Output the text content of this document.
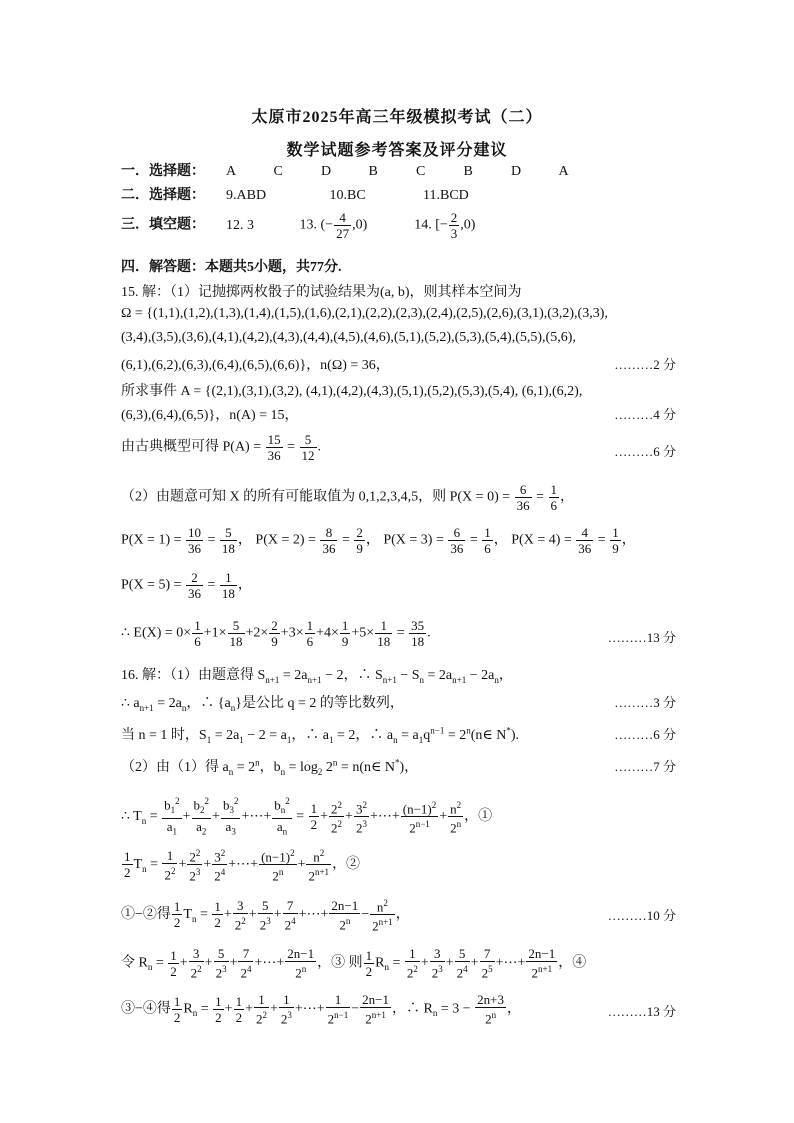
太原市2025年高三年级模拟考试（二）
数学试题参考答案及评分建议
一．选择题： A	C	D	B	C	B	D	A
二．选择题： 9.ABD	10.BC	11.BCD
三．填空题： 12. 3	13. (− $\frac{4}{27} ,0$)	14. [− $\frac{2}{3} ,0$)
四．解答题：本题共5小题，共77分.
15. 解：（1）记抛掷两枚骰子的试验结果为(a, b)，则其样本空间为
Ω = {(1,1),(1,2),(1,3),(1,4),(1,5),(1,6),(2,1),(2,2),(2,3),(2,4),(2,5),(2,6),(3,1),(3,2),(3,3),
(3,4),(3,5),(3,6),(4,1),(4,2),(4,3),(4,4),(4,5),(4,6),(5,1),(5,2),(5,3),(5,4),(5,5),(5,6),
(6,1),(6,2),(6,3),(6,4),(6,5),(6,6)}，n(Ω) = 36，	………2 分
所求事件 A = {(2,1),(3,1),(3,2), (4,1),(4,2),(4,3),(5,1),(5,2),(5,3),(5,4), (6,1),(6,2),
(6,3),(6,4),(6,5)}，n(A) = 15，	………4 分
由古典概型可得 $P(A) = \frac{15}{36} = \frac{5}{12}$ .	………6 分
（2）由题意可知 X 的所有可能取值为 0,1,2,3,4,5，则 $P(X = 0) = \frac{6}{36} = \frac{1}{6}$ ，
$P(X = 1) = \frac{10}{36} = \frac{5}{18}$ ， $P(X = 2) = \frac{8}{36} = \frac{2}{9}$ ， $P(X = 3) = \frac{6}{36} = \frac{1}{6}$ ， $P(X = 4) = \frac{4}{36} = \frac{1}{9}$ ，
$P(X = 5) = \frac{2}{36} = \frac{1}{18}$ ，
∴ $E(X) = 0\times \frac{1}{6} +1\times \frac{5}{18} +2\times \frac{2}{9} +3\times \frac{1}{6} +4\times \frac{1}{9} +5\times \frac{1}{18} = \frac{35}{18}$ .	………13 分
16. 解：（1）由题意得 $S_{n+1} = 2a_{n+1} - 2$，∴ $S_{n+1} - S_n = 2a_{n+1} - 2a_n$，
∴ $a_{n+1} = 2a_n$，∴ $\{a_n\}$是公比 q = 2 的等比数列，	………3 分
当 n = 1 时，$S_1 = 2a_1 - 2 = a_1$，∴ $a_1 = 2$，∴ $a_n = a_1q^{n-1}$ = $2^n(n\in$ N*).	………6 分
（2）由（1）得 $a_n = 2^n$，$b_n = \log_2 2^n$ = n(n∈ N*)，	………7 分
∴ $T_n = \frac{b_1^2}{a_1} + \frac{b_2^2}{a_2} + \frac{b_3^2}{a_3}$ +⋯+ $\frac{b_n^2}{a_n} = \frac{1}{2} + \frac{2^2}{2^2} + \frac{3^2}{2^3}$ +⋯+ $\frac{(n-1)^2}{2^{n-1}} + \frac{n^2}{2^n}$ ，①
$\frac{1}{2} T_n = \frac{1}{2^2} + \frac{2^2}{2^3} + \frac{3^2}{2^4}$ +⋯+ $\frac{(n-1)^2}{2^n} + \frac{n^2}{2^{n+1}}$ ，②
①−②得 $\frac{1}{2} T_n = \frac{1}{2} + \frac{3}{2^2} + \frac{5}{2^3} + \frac{7}{2^4}$ +⋯+ $\frac{2n-1}{2^n} - \frac{n^2}{2^{n+1}}$ ，	………10 分
令 $R_n = \frac{1}{2} + \frac{3}{2^2} + \frac{5}{2^3} + \frac{7}{2^4}$ +⋯+ $\frac{2n-1}{2^n}$ ，③ 则 $\frac{1}{2} R_n = \frac{1}{2^2} + \frac{3}{2^3} + \frac{5}{2^4} + \frac{7}{2^5}$ +⋯+ $\frac{2n-1}{2^{n+1}}$ ，④
③−④得 $\frac{1}{2} R_n = \frac{1}{2} + \frac{1}{2} + \frac{1}{2^2} + \frac{1}{2^3}$ +⋯+ $\frac{1}{2^{n-1}} - \frac{2n-1}{2^{n+1}}$ ，∴ $R_n = 3 - \frac{2n+3}{2^n}$ ，	………13 分
